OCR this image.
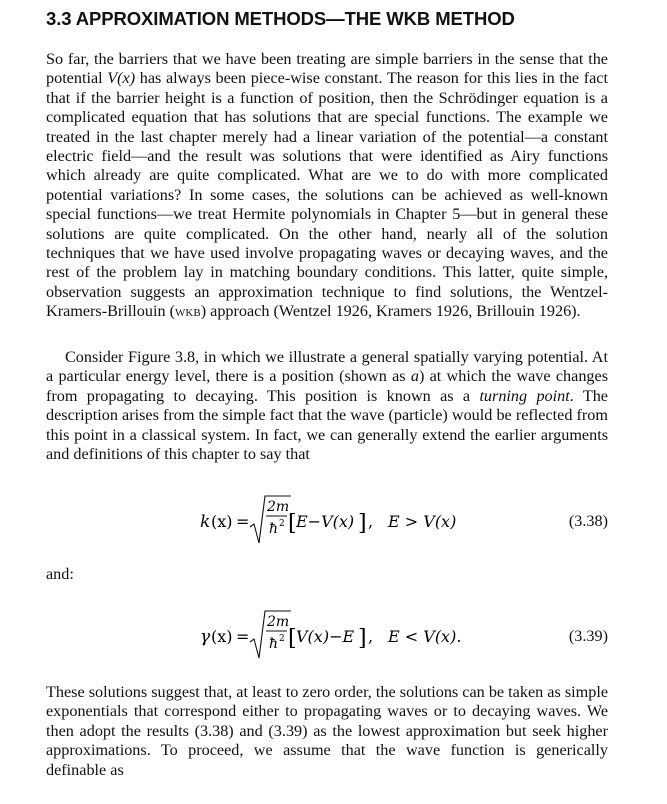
3.3 APPROXIMATION METHODS—THE WKB METHOD

So far, the barriers that we have been treating are simple barriers in the sense that the potential V(x) has always been piece-wise constant. The reason for this lies in the fact that if the barrier height is a function of position, then the Schrödinger equation is a complicated equation that has solutions that are special functions. The example we treated in the last chapter merely had a linear variation of the potential—a constant electric field—and the result was solutions that were identified as Airy functions which already are quite complicated. What are we to do with more complicated potential variations? In some cases, the solutions can be achieved as well-known special functions—we treat Hermite polynomials in Chapter 5—but in general these solutions are quite complicated. On the other hand, nearly all of the solution techniques that we have used involve propagating waves or decaying waves, and the rest of the problem lay in matching boundary conditions. This latter, quite simple, observation suggests an approximation technique to find solutions, the Wentzel-Kramers-Brillouin (wkb) approach (Wentzel 1926, Kramers 1926, Brillouin 1926).

Consider Figure 3.8, in which we illustrate a general spatially varying potential. At a particular energy level, there is a position (shown as a) at which the wave changes from propagating to decaying. This position is known as a turning point. The description arises from the simple fact that the wave (particle) would be reflected from this point in a classical system. In fact, we can generally extend the earlier arguments and definitions of this chapter to say that

k (x) =
2m
ħ 2 [ E−V(x) ] , E > V(x)	(3.38)
and:
γ (x) =
2m
ħ 2 [ V(x)−E ] , E < V(x).	(3.39)

These solutions suggest that, at least to zero order, the solutions can be taken as simple exponentials that correspond either to propagating waves or to decaying waves. We then adopt the results (3.38) and (3.39) as the lowest approximation but seek higher approximations. To proceed, we assume that the wave function is generically definable as
